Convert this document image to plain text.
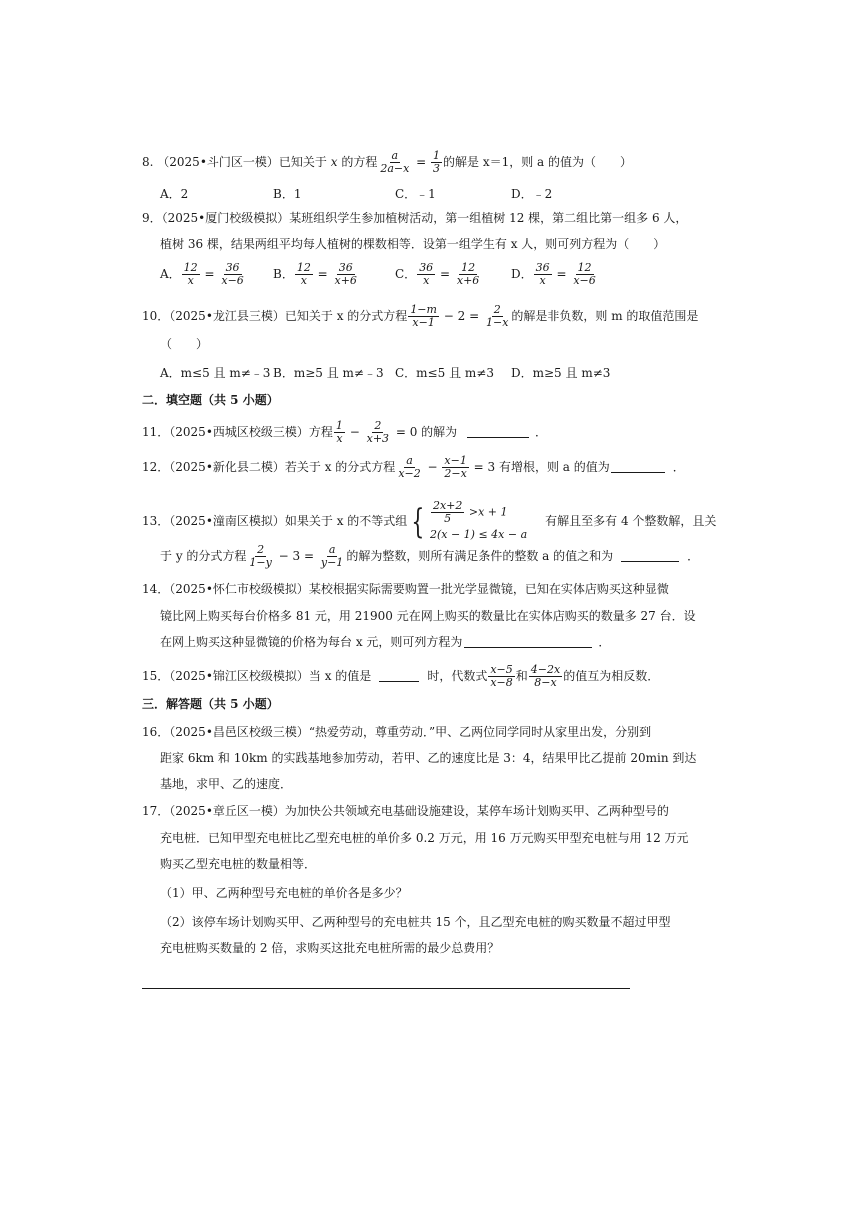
8. （2025•斗门区一模）已知关于 x 的方程 $\frac{a}{2a-x} = \frac{1}{3}$ 的解是 x＝1，则 a 的值为（　　）
A．2	B．1	C．﹣1	D．﹣2
9．（2025•厦门校级模拟）某班组织学生参加植树活动，第一组植树 12 棵，第二组比第一组多 6 人，
植树 36 棵，结果两组平均每人植树的棵数相等．设第一组学生有 x 人，则可列方程为（　　）
A． $\frac{12}{x} = \frac{36}{x-6}$ B． $\frac{12}{x} = \frac{36}{x+6}$	C． $\frac{36}{x} = \frac{12}{x+6}$ D． $\frac{36}{x} = \frac{12}{x-6}$
10．（2025•龙江县三模）已知关于 x 的分式方程 $\frac{1-m}{x-1} - 2 = \frac{2}{1-x}$ 的解是非负数，则 m 的取值范围是
（　　）
A．m≤5 且 m≠﹣3 B．m≥5 且 m≠﹣3 C．m≤5 且 m≠3 D．m≥5 且 m≠3
二．填空题（共 5 小题）
11．（2025•西城区校级三模）方程 $\frac{1}{x} - \frac{2}{x+3} = 0$ 的解为	．
12．（2025•新化县二模）若关于 x 的分式方程 $\frac{a}{x-2} - \frac{x-1}{2-x} = 3$ 有增根，则 a 的值为	．
13．（2025•潼南区模拟）如果关于 x 的不等式组 { $\frac{2x+2}{5} >x + 1$
2(x − 1) ≤ 4x − a
有解且至多有 4 个整数解，且关
于 y 的分式方程 $\frac{2}{1-y} - 3 = \frac{a}{y-1}$ 的解为整数，则所有满足条件的整数 a 的值之和为	．
14．（2025•怀仁市校级模拟）某校根据实际需要购置一批光学显微镜，已知在实体店购买这种显微
镜比网上购买每台价格多 81 元，用 21900 元在网上购买的数量比在实体店购买的数量多 27 台．设
在网上购买这种显微镜的价格为每台 x 元，则可列方程为	．
15．（2025•锦江区校级模拟）当 x 的值是	时，代数式 $\frac{x-5}{x-8}$ 和 $\frac{4-2x}{8-x}$ 的值互为相反数．
三．解答题（共 5 小题）
16．（2025•昌邑区校级三模）“热爱劳动，尊重劳动．”甲、乙两位同学同时从家里出发，分别到
距家 6km 和 10km 的实践基地参加劳动，若甲、乙的速度比是 3：4，结果甲比乙提前 20min 到达
基地，求甲、乙的速度．
17．（2025•章丘区一模）为加快公共领域充电基础设施建设，某停车场计划购买甲、乙两种型号的
充电桩．已知甲型充电桩比乙型充电桩的单价多 0.2 万元，用 16 万元购买甲型充电桩与用 12 万元
购买乙型充电桩的数量相等．
（1）甲、乙两种型号充电桩的单价各是多少？
（2）该停车场计划购买甲、乙两种型号的充电桩共 15 个，且乙型充电桩的购买数量不超过甲型
充电桩购买数量的 2 倍，求购买这批充电桩所需的最少总费用？
